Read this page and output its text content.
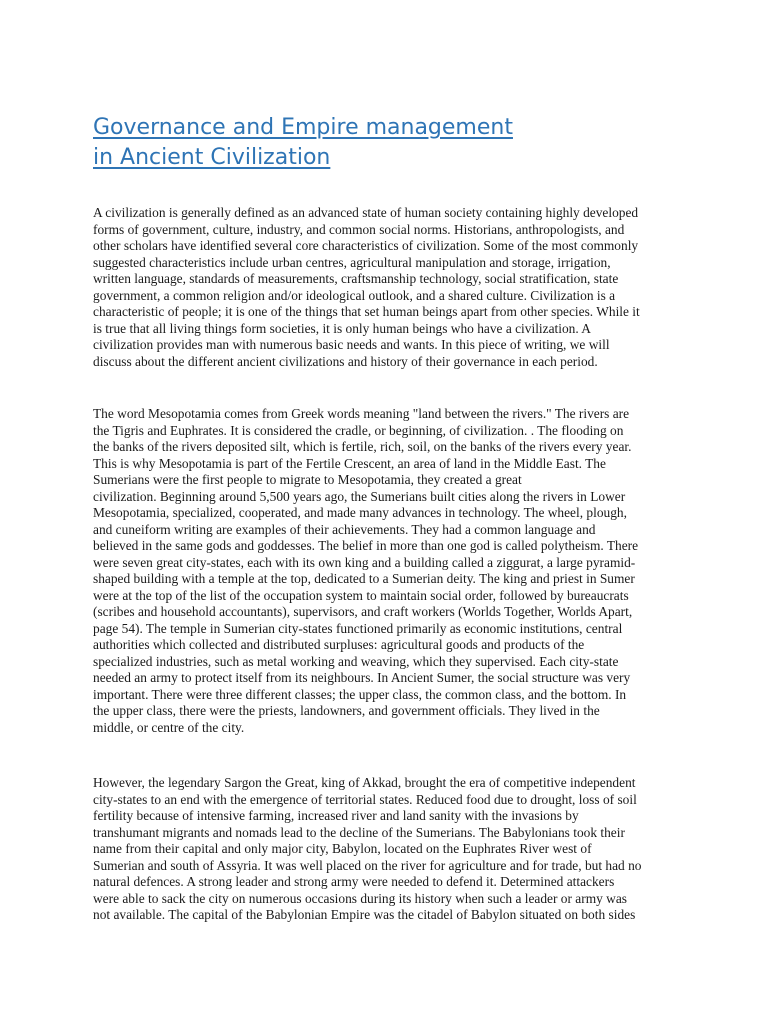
Governance and Empire management
in Ancient Civilization

A civilization is generally defined as an advanced state of human society containing highly developed
forms of government, culture, industry, and common social norms. Historians, anthropologists, and
other scholars have identified several core characteristics of civilization. Some of the most commonly
suggested characteristics include urban centres, agricultural manipulation and storage, irrigation,
written language, standards of measurements, craftsmanship technology, social stratification, state
government, a common religion and/or ideological outlook, and a shared culture. Civilization is a
characteristic of people; it is one of the things that set human beings apart from other species. While it
is true that all living things form societies, it is only human beings who have a civilization. A
civilization provides man with numerous basic needs and wants. In this piece of writing, we will
discuss about the different ancient civilizations and history of their governance in each period.

The word Mesopotamia comes from Greek words meaning "land between the rivers." The rivers are
the Tigris and Euphrates. It is considered the cradle, or beginning, of civilization. . The flooding on
the banks of the rivers deposited silt, which is fertile, rich, soil, on the banks of the rivers every year.
This is why Mesopotamia is part of the Fertile Crescent, an area of land in the Middle East. The
Sumerians were the first people to migrate to Mesopotamia, they created a great
civilization. Beginning around 5,500 years ago, the Sumerians built cities along the rivers in Lower
Mesopotamia, specialized, cooperated, and made many advances in technology. The wheel, plough,
and cuneiform writing are examples of their achievements. They had a common language and
believed in the same gods and goddesses. The belief in more than one god is called polytheism. There
were seven great city-states, each with its own king and a building called a ziggurat, a large pyramid-
shaped building with a temple at the top, dedicated to a Sumerian deity. The king and priest in Sumer
were at the top of the list of the occupation system to maintain social order, followed by bureaucrats
(scribes and household accountants), supervisors, and craft workers (Worlds Together, Worlds Apart,
page 54). The temple in Sumerian city-states functioned primarily as economic institutions, central
authorities which collected and distributed surpluses: agricultural goods and products of the
specialized industries, such as metal working and weaving, which they supervised. Each city-state
needed an army to protect itself from its neighbours. In Ancient Sumer, the social structure was very
important. There were three different classes; the upper class, the common class, and the bottom. In
the upper class, there were the priests, landowners, and government officials. They lived in the
middle, or centre of the city.

However, the legendary Sargon the Great, king of Akkad, brought the era of competitive independent
city-states to an end with the emergence of territorial states. Reduced food due to drought, loss of soil
fertility because of intensive farming, increased river and land sanity with the invasions by
transhumant migrants and nomads lead to the decline of the Sumerians. The Babylonians took their
name from their capital and only major city, Babylon, located on the Euphrates River west of
Sumerian and south of Assyria. It was well placed on the river for agriculture and for trade, but had no
natural defences. A strong leader and strong army were needed to defend it. Determined attackers
were able to sack the city on numerous occasions during its history when such a leader or army was
not available. The capital of the Babylonian Empire was the citadel of Babylon situated on both sides
